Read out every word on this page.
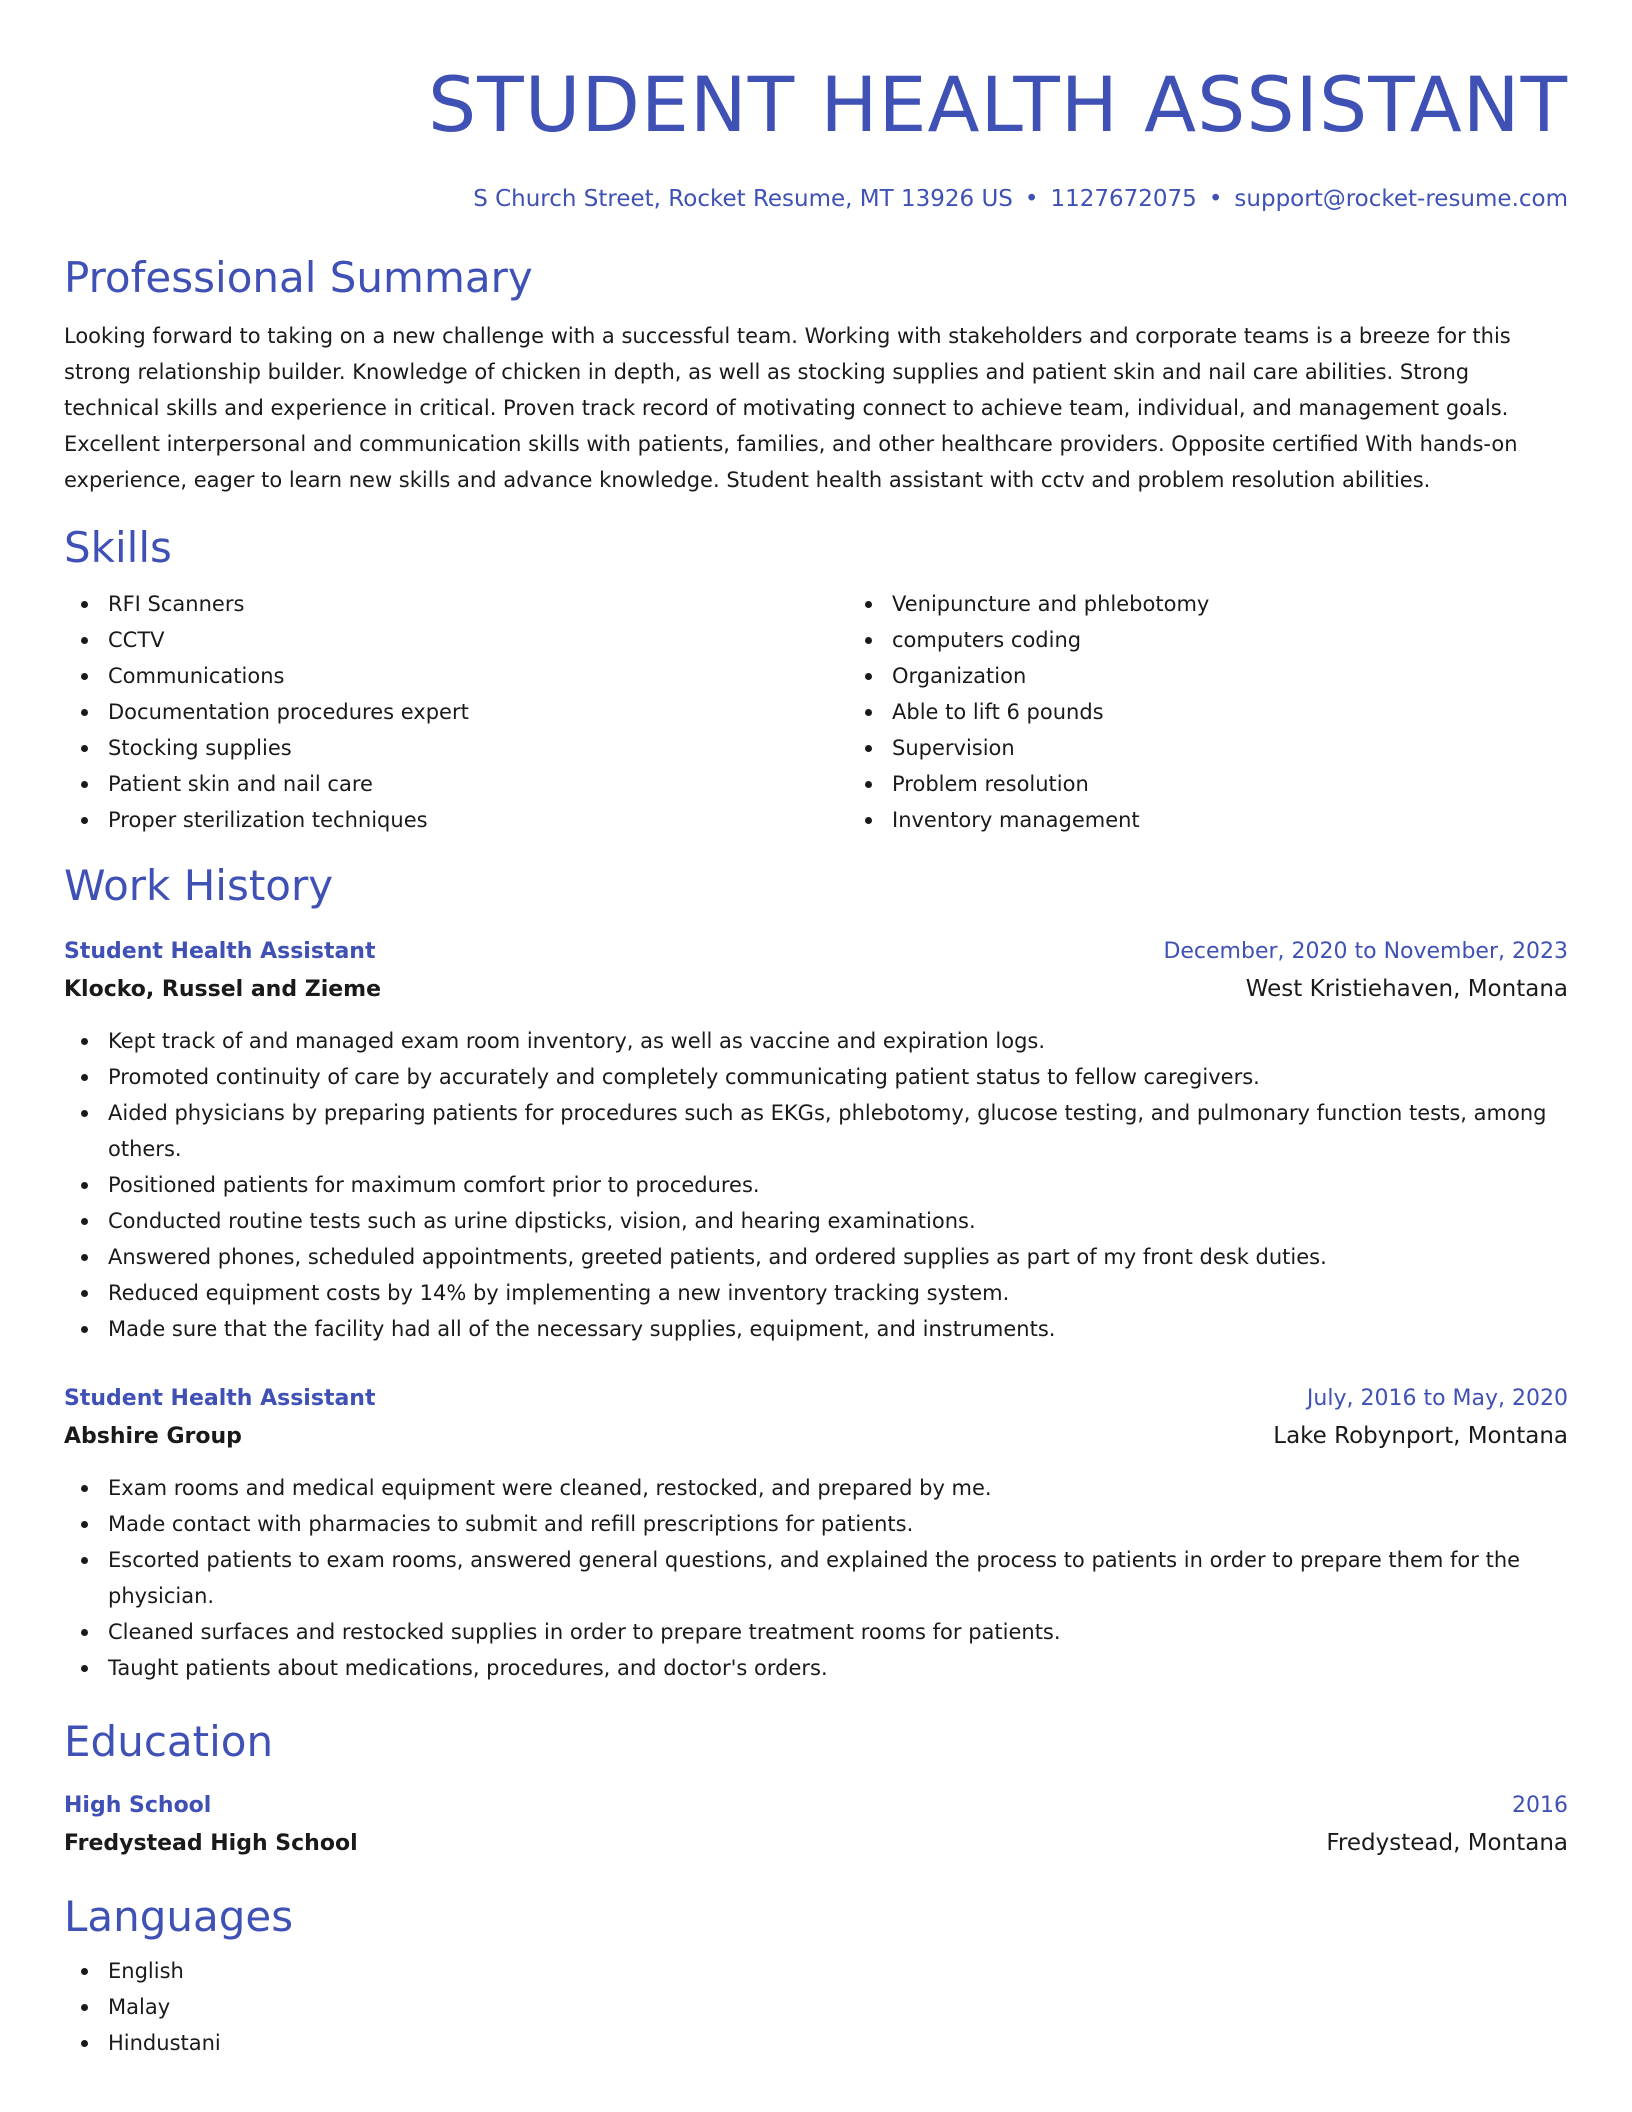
STUDENT HEALTH ASSISTANT
S Church Street, Rocket Resume, MT 13926 US • 1127672075 • support@rocket-resume.com
Professional Summary

Looking forward to taking on a new challenge with a successful team. Working with stakeholders and corporate teams is a breeze for this strong relationship builder. Knowledge of chicken in depth, as well as stocking supplies and patient skin and nail care abilities. Strong technical skills and experience in critical. Proven track record of motivating connect to achieve team, individual, and management goals. Excellent interpersonal and communication skills with patients, families, and other healthcare providers. Opposite certified With hands-on experience, eager to learn new skills and advance knowledge. Student health assistant with cctv and problem resolution abilities.

Skills
RFI Scanners
CCTV
Communications
Documentation procedures expert
Stocking supplies
Patient skin and nail care
Proper sterilization techniques
Venipuncture and phlebotomy
computers coding
Organization
Able to lift 6 pounds
Supervision
Problem resolution
Inventory management
Work History
Student Health Assistant	December, 2020 to November, 2023
Klocko, Russel and Zieme	West Kristiehaven, Montana
Kept track of and managed exam room inventory, as well as vaccine and expiration logs.
Promoted continuity of care by accurately and completely communicating patient status to fellow caregivers.
Aided physicians by preparing patients for procedures such as EKGs, phlebotomy, glucose testing, and pulmonary function tests, among others.
Positioned patients for maximum comfort prior to procedures.
Conducted routine tests such as urine dipsticks, vision, and hearing examinations.
Answered phones, scheduled appointments, greeted patients, and ordered supplies as part of my front desk duties.
Reduced equipment costs by 14% by implementing a new inventory tracking system.
Made sure that the facility had all of the necessary supplies, equipment, and instruments.
Student Health Assistant	July, 2016 to May, 2020
Abshire Group	Lake Robynport, Montana
Exam rooms and medical equipment were cleaned, restocked, and prepared by me.
Made contact with pharmacies to submit and refill prescriptions for patients.
Escorted patients to exam rooms, answered general questions, and explained the process to patients in order to prepare them for the physician.
Cleaned surfaces and restocked supplies in order to prepare treatment rooms for patients.
Taught patients about medications, procedures, and doctor's orders.
Education
High School	2016
Fredystead High School	Fredystead, Montana
Languages
English
Malay
Hindustani
